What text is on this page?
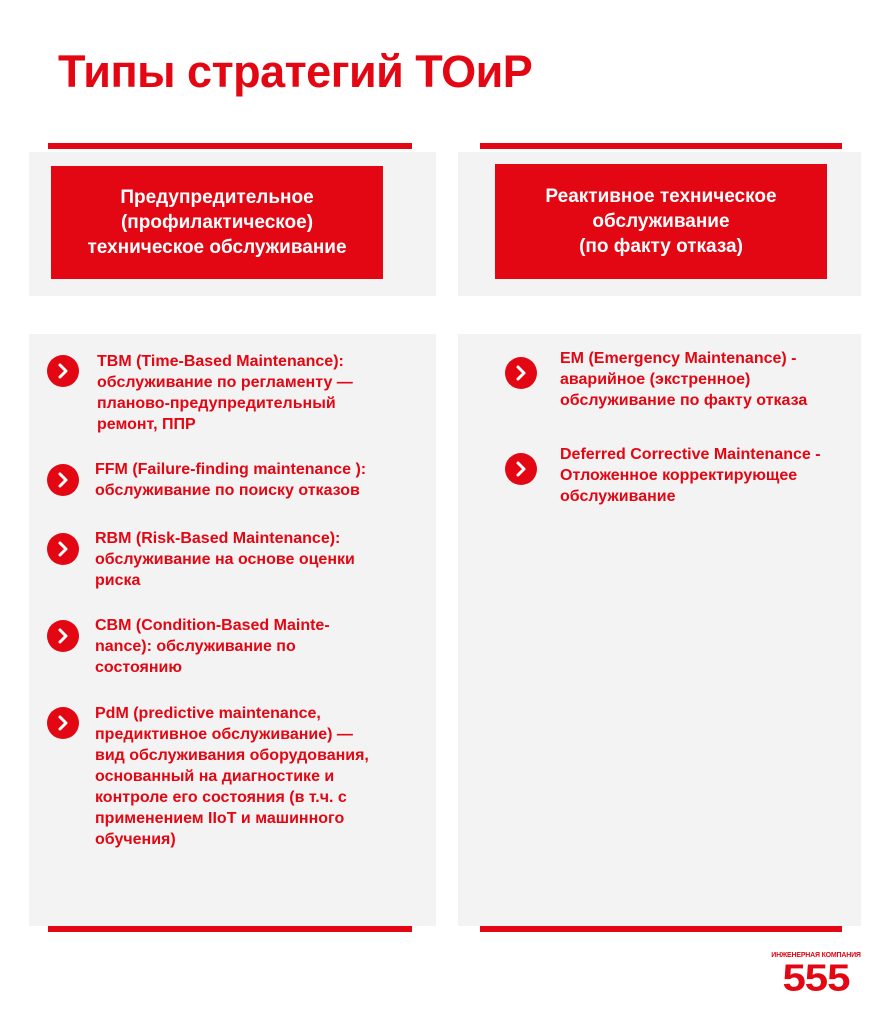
Типы стратегий ТОиР
Предупредительное
(профилактическое)
техническое обслуживание
TBM (Time-Based Maintenance):
обслуживание по регламенту —
планово-предупредительный
ремонт, ППР
FFM (Failure-finding maintenance ):
обслуживание по поиску отказов
RBM (Risk-Based Maintenance):
обслуживание на основе оценки
риска
CBM (Condition-Based Mainte-
nance): обслуживание по
состоянию
PdM (predictive maintenance,
предиктивное обслуживание) —
вид обслуживания оборудования,
основанный на диагностике и
контроле его состояния (в т.ч. с
применением IIoT и машинного
обучения)
Реактивное техническое
обслуживание
(по факту отказа)
EM (Emergency Maintenance) -
аварийное (экстренное)
обслуживание по факту отказа
Deferred Corrective Maintenance -
Отложенное корректирующее
обслуживание
ИНЖЕНЕРНАЯ КОМПАНИЯ
555
